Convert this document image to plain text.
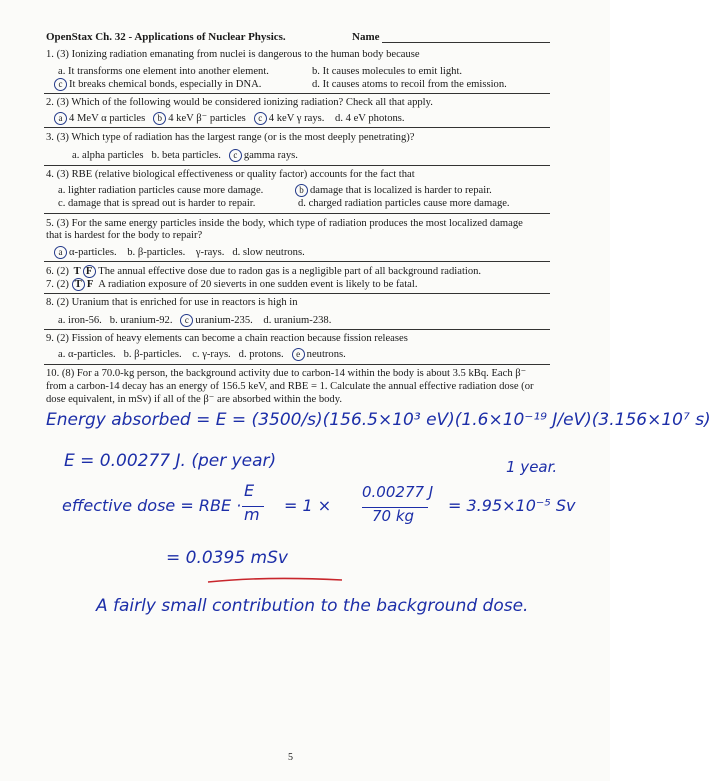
OpenStax Ch. 32 - Applications of Nuclear Physics.	Name
1. (3) Ionizing radiation emanating from nuclei is dangerous to the human body because
a. It transforms one element into another element.	b. It causes molecules to emit light.
c It breaks chemical bonds, especially in DNA.	d. It causes atoms to recoil from the emission.
2. (3) Which of the following would be considered ionizing radiation? Check all that apply.
a 4 MeV α particles b 4 keV β⁻ particles c 4 keV γ rays. d. 4 eV photons.
3. (3) Which type of radiation has the largest range (or is the most deeply penetrating)?
a. alpha particles b. beta particles. c gamma rays.
4. (3) RBE (relative biological effectiveness or quality factor) accounts for the fact that
a. lighter radiation particles cause more damage.	b damage that is localized is harder to repair.
c. damage that is spread out is harder to repair.	d. charged radiation particles cause more damage.
5. (3) For the same energy particles inside the body, which type of radiation produces the most localized damage
that is hardest for the body to repair?
a α-particles. b. β-particles. γ-rays. d. slow neutrons.
6. (2) T F The annual effective dose due to radon gas is a negligible part of all background radiation.
7. (2) T F A radiation exposure of 20 sieverts in one sudden event is likely to be fatal.
8. (2) Uranium that is enriched for use in reactors is high in
a. iron-56. b. uranium-92. c uranium-235. d. uranium-238.
9. (2) Fission of heavy elements can become a chain reaction because fission releases
a. α-particles. b. β-particles. c. γ-rays. d. protons. e neutrons.
10. (8) For a 70.0-kg person, the background activity due to carbon-14 within the body is about 3.5 kBq. Each β⁻
from a carbon-14 decay has an energy of 156.5 keV, and RBE = 1. Calculate the annual effective radiation dose (or
dose equivalent, in mSv) if all of the β⁻ are absorbed within the body.
Energy absorbed = E = (3500/s)(156.5×10³ eV)(1.6×10⁻¹⁹ J/eV)(3.156×10⁷ s)
E = 0.00277 J. (per year)	1 year.
effective dose = RBE ·
E
m = 1 ×
0.00277 J
70 kg
= 3.95×10⁻⁵ Sv
= 0.0395 mSv
A fairly small contribution to the background dose.
5
